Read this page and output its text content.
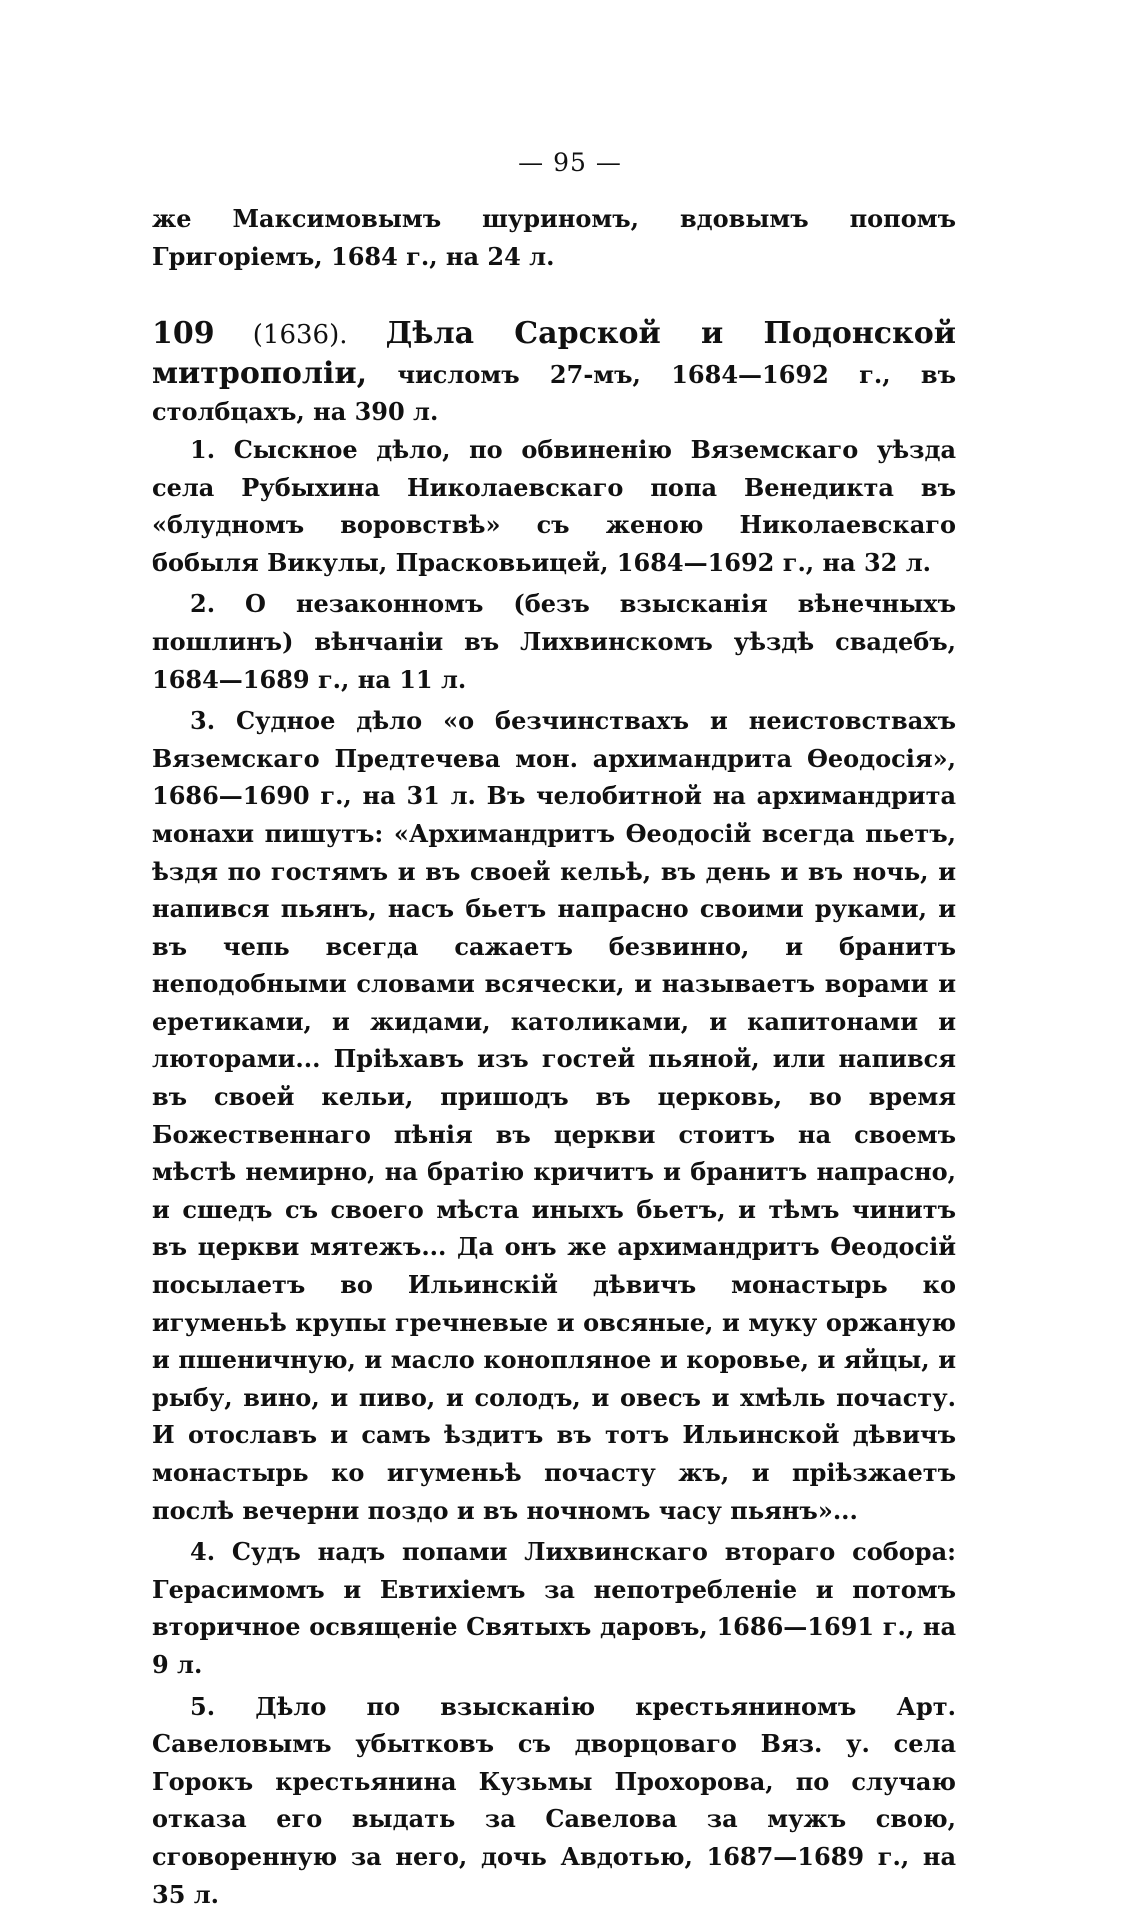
— 95 —

же Максимовымъ шуриномъ, вдовымъ попомъ Григоріемъ, 1684 г., на 24 л.

109 (1636). Дѣла Сарской и Подонской митрополіи, числомъ 27-мъ, 1684—1692 г., въ столбцахъ, на 390 л.

1. Сыскное дѣло, по обвиненію Вяземскаго уѣзда села Рубыхина Николаевскаго попа Венедикта въ «блудномъ воровствѣ» съ женою Николаевскаго бобыля Викулы, Прасковьицей, 1684—1692 г., на 32 л.

2. О незаконномъ (безъ взысканія вѣнечныхъ пошлинъ) вѣнчаніи въ Лихвинскомъ уѣздѣ свадебъ, 1684—1689 г., на 11 л.

3. Судное дѣло «о безчинствахъ и неистовствахъ Вяземскаго Предтечева мон. архимандрита Ѳеодосія», 1686—1690 г., на 31 л. Въ челобитной на архимандрита монахи пишутъ: «Архимандритъ Ѳеодосій всегда пьетъ, ѣздя по гостямъ и въ своей кельѣ, въ день и въ ночь, и напився пьянъ, насъ бьетъ напрасно своими руками, и въ чепь всегда сажаетъ безвинно, и бранитъ неподобными словами всячески, и называетъ ворами и еретиками, и жидами, католиками, и капитонами и люторами... Пріѣхавъ изъ гостей пьяной, или напився въ своей кельи, пришодъ въ церковь, во время Божественнаго пѣнія въ церкви стоитъ на своемъ мѣстѣ немирно, на братію кричитъ и бранитъ напрасно, и сшедъ съ своего мѣста иныхъ бьетъ, и тѣмъ чинитъ въ церкви мятежъ... Да онъ же архимандритъ Ѳеодосій посылаетъ во Ильинскій дѣвичъ монастырь ко игуменьѣ крупы гречневые и овсяные, и муку оржаную и пшеничную, и масло конопляное и коровье, и яйцы, и рыбу, вино, и пиво, и солодъ, и овесъ и хмѣль почасту. И отославъ и самъ ѣздитъ въ тотъ Ильинской дѣвичъ монастырь ко игуменьѣ почасту жъ, и пріѣзжаетъ послѣ вечерни поздо и въ ночномъ часу пьянъ»...

4. Судъ надъ попами Лихвинскаго втораго собора: Герасимомъ и Евтихіемъ за непотребленіе и потомъ вторичное освященіе Святыхъ даровъ, 1686—1691 г., на 9 л.

5. Дѣло по взысканію крестьяниномъ Арт. Савеловымъ убытковъ съ дворцоваго Вяз. у. села Горокъ крестьянина Кузьмы Прохорова, по случаю отказа его выдать за Савелова за мужъ свою, сговоренную за него, дочь Авдотью, 1687—1689 г., на 35 л.
